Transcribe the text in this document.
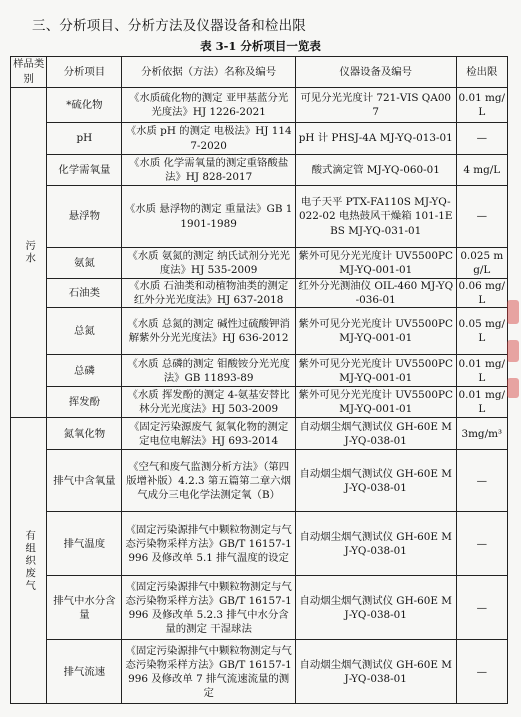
三、分析项目、分析方法及仪器设备和检出限
表 3-1 分析项目一览表
样品类别	分析项目	分析依据（方法）名称及编号	仪器设备及编号	检出限
污水	*硫化物	《水质硫化物的测定 亚甲基蓝分光光度法》HJ 1226-2021	可见分光光度计 721-VIS QA007	0.01 mg/L
	pH	《水质 pH 的测定 电极法》HJ 1147-2020	pH 计 PHSJ-4A MJ-YQ-013-01	—
	化学需氧量	《水质 化学需氧量的测定重铬酸盐法》HJ 828-2017	酸式滴定管 MJ-YQ-060-01	4 mg/L
	悬浮物	《水质 悬浮物的测定 重量法》GB 11901-1989	电子天平 PTX-FA110S MJ-YQ-022-02 电热鼓风干燥箱 101-1EBS MJ-YQ-031-01	—
	氨氮	《水质 氨氮的测定 纳氏试剂分光光度法》HJ 535-2009	紫外可见分光光度计 UV5500PC MJ-YQ-001-01	0.025 mg/L
	石油类	《水质 石油类和动植物油类的测定 红外分光光度法》HJ 637-2018	红外分光测油仪 OIL-460 MJ-YQ-036-01	0.06 mg/L
	总氮	《水质 总氮的测定 碱性过硫酸钾消解紫外分光光度法》HJ 636-2012	紫外可见分光光度计 UV5500PC MJ-YQ-001-01	0.05 mg/L
	总磷	《水质 总磷的测定 钼酸铵分光光度法》GB 11893-89	紫外可见分光光度计 UV5500PC MJ-YQ-001-01	0.01 mg/L
	挥发酚	《水质 挥发酚的测定 4-氨基安替比林分光光度法》HJ 503-2009	紫外可见分光光度计 UV5500PC MJ-YQ-001-01	0.01 mg/L
有组织废气	氮氧化物	《固定污染源废气 氮氧化物的测定 定电位电解法》HJ 693-2014	自动烟尘烟气测试仪 GH-60E MJ-YQ-038-01	3mg/m³
	排气中含氧量	《空气和废气监测分析方法》（第四版增补版）4.2.3 第五篇第二章六烟气成分三电化学法测定氧（B）	自动烟尘烟气测试仪 GH-60E MJ-YQ-038-01	—
	排气温度	《固定污染源排气中颗粒物测定与气态污染物采样方法》GB/T 16157-1996 及修改单 5.1 排气温度的设定	自动烟尘烟气测试仪 GH-60E MJ-YQ-038-01	—
	排气中水分含量	《固定污染源排气中颗粒物测定与气态污染物采样方法》GB/T 16157-1996 及修改单 5.2.3 排气中水分含量的测定 干湿球法	自动烟尘烟气测试仪 GH-60E MJ-YQ-038-01	—
	排气流速	《固定污染源排气中颗粒物测定与气态污染物采样方法》GB/T 16157-1996 及修改单 7 排气流速流量的测定	自动烟尘烟气测试仪 GH-60E MJ-YQ-038-01	—
